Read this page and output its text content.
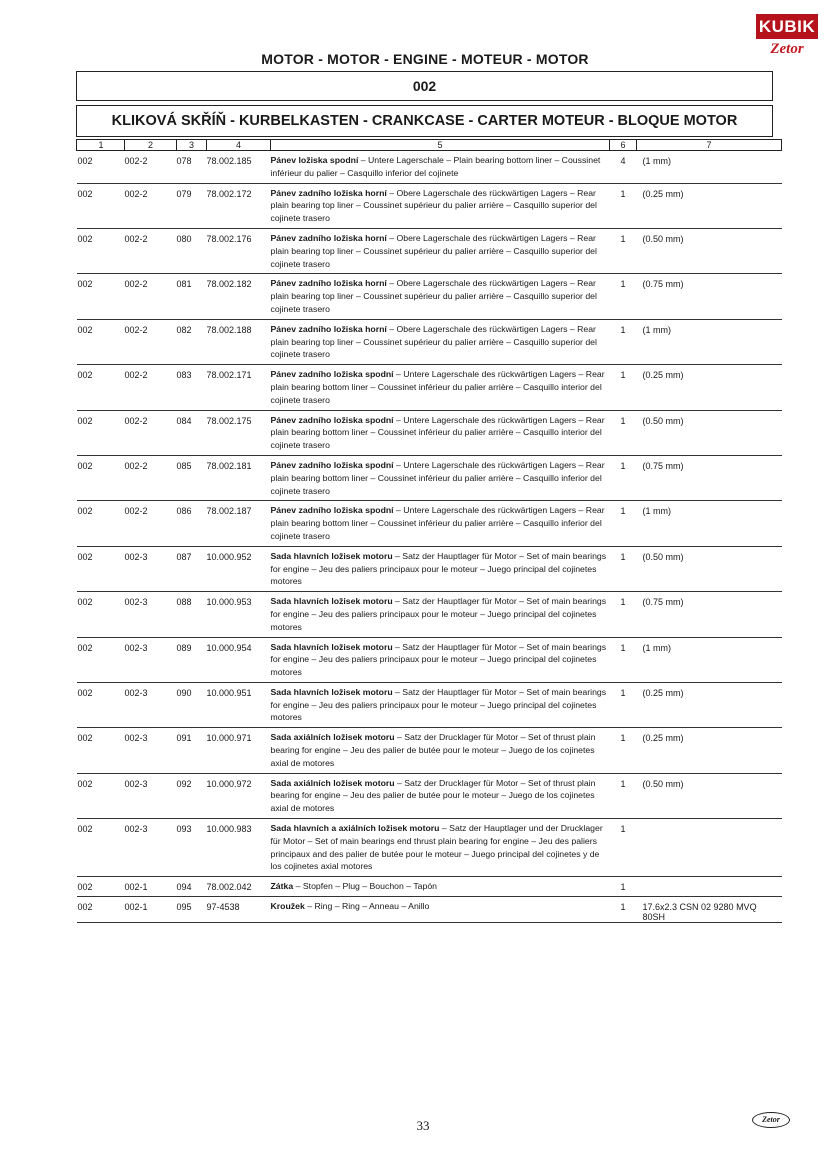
KUBIK
Zetor
MOTOR - MOTOR - ENGINE - MOTEUR - MOTOR
002
KLIKOVÁ SKŘÍŇ - KURBELKASTEN - CRANKCASE - CARTER MOTEUR - BLOQUE MOTOR
1	2	3	4	5	6	7
002	002-2	078	78.002.185	Pánev ložiska spodní – Untere Lagerschale – Plain bearing bottom liner – Coussinet inférieur du palier – Casquillo inferior del cojinete	4	(1 mm)
002	002-2	079	78.002.172	Pánev zadního ložiska horní – Obere Lagerschale des rückwärtigen Lagers – Rear plain bearing top liner – Coussinet supérieur du palier arrière – Casquillo superior del cojinete trasero	1	(0.25 mm)
002	002-2	080	78.002.176	Pánev zadního ložiska horní – Obere Lagerschale des rückwärtigen Lagers – Rear plain bearing top liner – Coussinet supérieur du palier arrière – Casquillo superior del cojinete trasero	1	(0.50 mm)
002	002-2	081	78.002.182	Pánev zadního ložiska horní – Obere Lagerschale des rückwärtigen Lagers – Rear plain bearing top liner – Coussinet supérieur du palier arrière – Casquillo superior del cojinete trasero	1	(0.75 mm)
002	002-2	082	78.002.188	Pánev zadního ložiska horní – Obere Lagerschale des rückwärtigen Lagers – Rear plain bearing top liner – Coussinet supérieur du palier arrière – Casquillo superior del cojinete trasero	1	(1 mm)
002	002-2	083	78.002.171	Pánev zadního ložiska spodní – Untere Lagerschale des rückwärtigen Lagers – Rear plain bearing bottom liner – Coussinet inférieur du palier arrière – Casquillo interior del cojinete trasero	1	(0.25 mm)
002	002-2	084	78.002.175	Pánev zadního ložiska spodní – Untere Lagerschale des rückwärtigen Lagers – Rear plain bearing bottom liner – Coussinet inférieur du palier arrière – Casquillo interior del cojinete trasero	1	(0.50 mm)
002	002-2	085	78.002.181	Pánev zadního ložiska spodní – Untere Lagerschale des rückwärtigen Lagers – Rear plain bearing bottom liner – Coussinet inférieur du palier arrière – Casquillo inferior del cojinete trasero	1	(0.75 mm)
002	002-2	086	78.002.187	Pánev zadního ložiska spodní – Untere Lagerschale des rückwärtigen Lagers – Rear plain bearing bottom liner – Coussinet inférieur du palier arrière – Casquillo inferior del cojinete trasero	1	(1 mm)
002	002-3	087	10.000.952	Sada hlavních ložisek motoru – Satz der Hauptlager für Motor – Set of main bearings for engine – Jeu des paliers principaux pour le moteur – Juego principal del cojinetes motores	1	(0.50 mm)
002	002-3	088	10.000.953	Sada hlavních ložisek motoru – Satz der Hauptlager für Motor – Set of main bearings for engine – Jeu des paliers principaux pour le moteur – Juego principal del cojinetes motores	1	(0.75 mm)
002	002-3	089	10.000.954	Sada hlavních ložisek motoru – Satz der Hauptlager für Motor – Set of main bearings for engine – Jeu des paliers principaux pour le moteur – Juego principal del cojinetes motores	1	(1 mm)
002	002-3	090	10.000.951	Sada hlavních ložisek motoru – Satz der Hauptlager für Motor – Set of main bearings for engine – Jeu des paliers principaux pour le moteur – Juego principal del cojinetes motores	1	(0.25 mm)
002	002-3	091	10.000.971	Sada axiálních ložisek motoru – Satz der Drucklager für Motor – Set of thrust plain bearing for engine – Jeu des palier de butée pour le moteur – Juego de los cojinetes axial de motores	1	(0.25 mm)
002	002-3	092	10.000.972	Sada axiálních ložisek motoru – Satz der Drucklager für Motor – Set of thrust plain bearing for engine – Jeu des palier de butée pour le moteur – Juego de los cojinetes axial de motores	1	(0.50 mm)
002	002-3	093	10.000.983	Sada hlavních a axiálních ložisek motoru – Satz der Hauptlager und der Drucklager für Motor – Set of main bearings end thrust plain bearing for engine – Jeu des paliers principaux and des palier de butée pour le moteur – Juego principal del cojinetes y de los cojinetes axial motores	1	
002	002-1	094	78.002.042	Zátka – Stopfen – Plug – Bouchon – Tapón	1	
002	002-1	095	97-4538	Kroužek – Ring – Ring – Anneau – Anillo	1	17.6x2.3 CSN 02 9280 MVQ 80SH
33	Zetor
